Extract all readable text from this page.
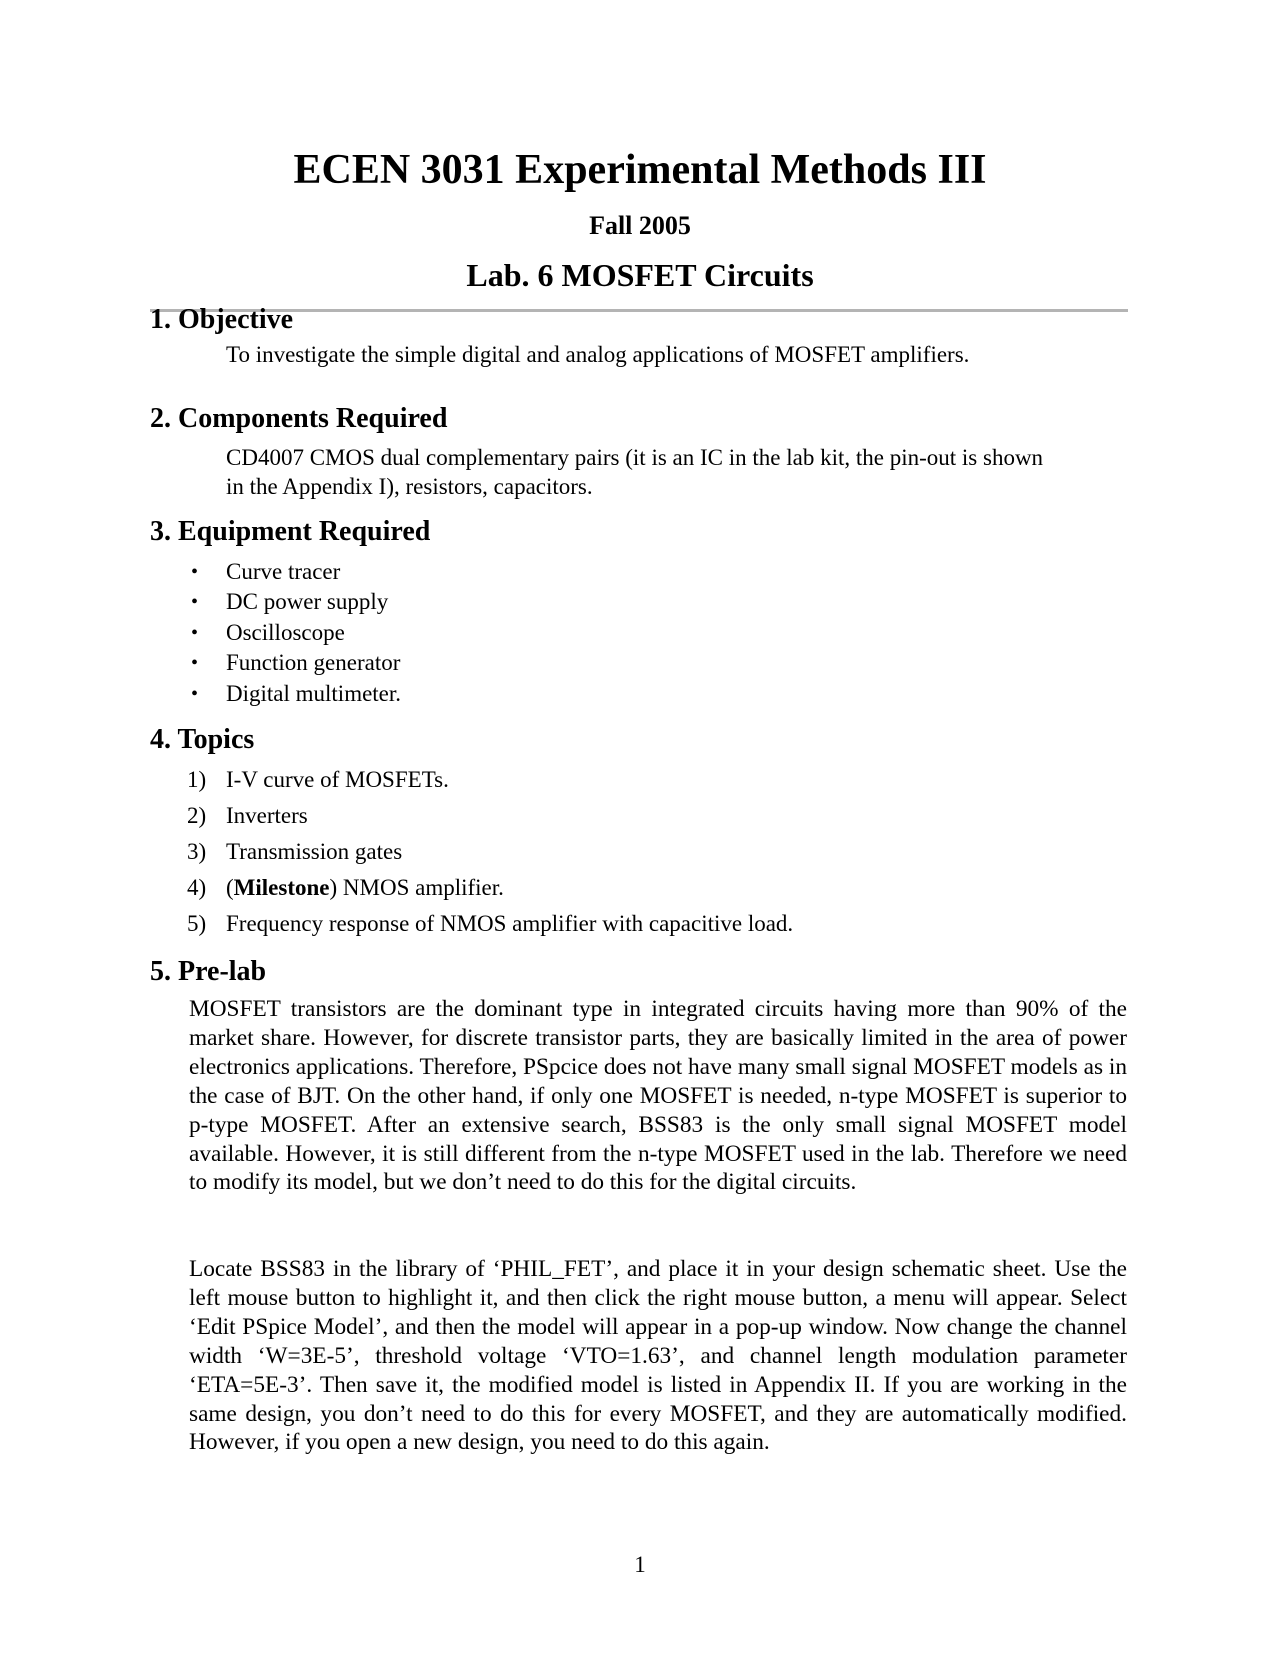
ECEN 3031 Experimental Methods III
Fall 2005
Lab. 6 MOSFET Circuits
1. Objective
To investigate the simple digital and analog applications of MOSFET amplifiers.
2. Components Required
CD4007 CMOS dual complementary pairs (it is an IC in the lab kit, the pin-out is shown
in the Appendix I), resistors, capacitors.
3. Equipment Required
• Curve tracer
• DC power supply
• Oscilloscope
• Function generator
• Digital multimeter.
4. Topics
1) I-V curve of MOSFETs.
2) Inverters
3) Transmission gates
4) (Milestone) NMOS amplifier.
5) Frequency response of NMOS amplifier with capacitive load.
5. Pre-lab
MOSFET transistors are the dominant type in integrated circuits having more than 90% of the market share. However, for discrete transistor parts, they are basically limited in the area of power electronics applications. Therefore, PSpcice does not have many small signal MOSFET models as in the case of BJT. On the other hand, if only one MOSFET is needed, n-type MOSFET is superior to p-type MOSFET. After an extensive search, BSS83 is the only small signal MOSFET model available. However, it is still different from the n-type MOSFET used in the lab. Therefore we need to modify its model, but we don’t need to do this for the digital circuits.
Locate BSS83 in the library of ‘PHIL_FET’, and place it in your design schematic sheet. Use the left mouse button to highlight it, and then click the right mouse button, a menu will appear. Select ‘Edit PSpice Model’, and then the model will appear in a pop-up window. Now change the channel width ‘W=3E-5’, threshold voltage ‘VTO=1.63’, and channel length modulation parameter ‘ETA=5E-3’. Then save it, the modified model is listed in Appendix II. If you are working in the same design, you don’t need to do this for every MOSFET, and they are automatically modified. However, if you open a new design, you need to do this again.
1
